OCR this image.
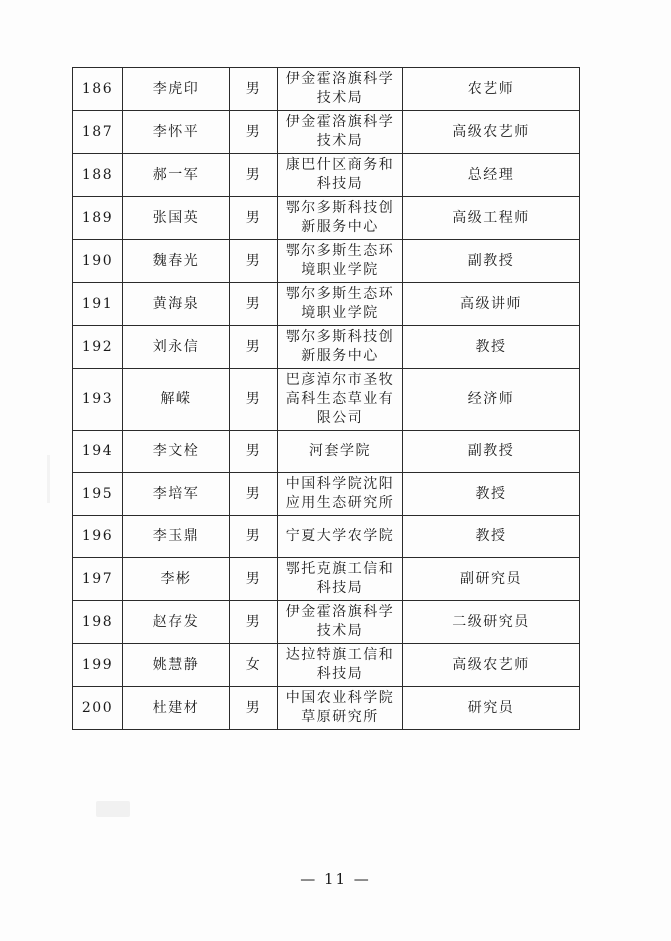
186	李虎印	男	伊金霍洛旗科学
技术局	农艺师
187	李怀平	男	伊金霍洛旗科学
技术局	高级农艺师
188	郝一军	男	康巴什区商务和
科技局	总经理
189	张国英	男	鄂尔多斯科技创
新服务中心	高级工程师
190	魏春光	男	鄂尔多斯生态环
境职业学院	副教授
191	黄海泉	男	鄂尔多斯生态环
境职业学院	高级讲师
192	刘永信	男	鄂尔多斯科技创
新服务中心	教授
193	解嵘	男	巴彦淖尔市圣牧
高科生态草业有
限公司	经济师
194	李文栓	男	河套学院	副教授
195	李培军	男	中国科学院沈阳
应用生态研究所	教授
196	李玉鼎	男	宁夏大学农学院	教授
197	李彬	男	鄂托克旗工信和
科技局	副研究员
198	赵存发	男	伊金霍洛旗科学
技术局	二级研究员
199	姚慧静	女	达拉特旗工信和
科技局	高级农艺师
200	杜建材	男	中国农业科学院
草原研究所	研究员
— 11 —
